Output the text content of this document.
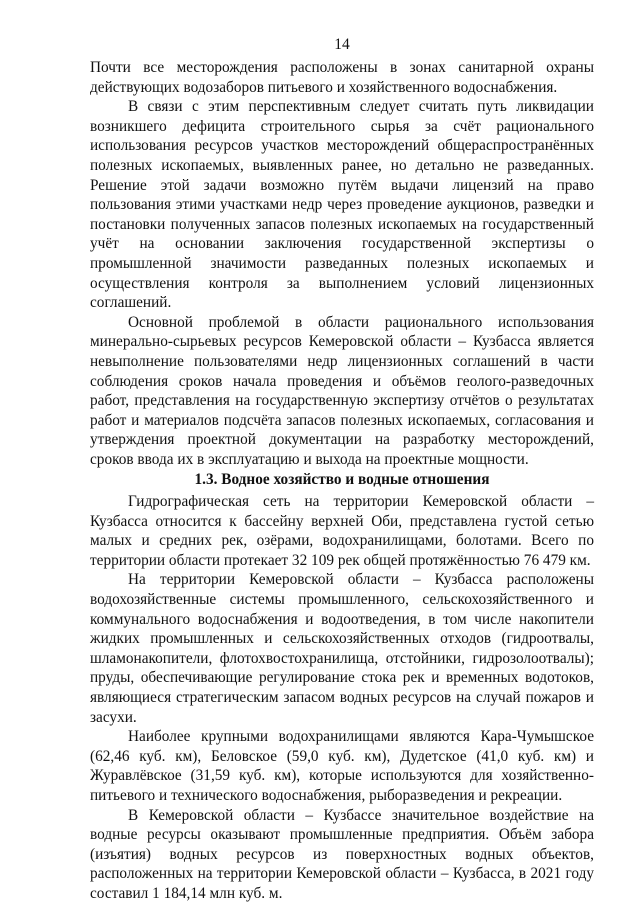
14

Почти все месторождения расположены в зонах санитарной охраны действующих водозаборов питьевого и хозяйственного водоснабжения.

В связи с этим перспективным следует считать путь ликвидации возникшего дефицита строительного сырья за счёт рационального использования ресурсов участков месторождений общераспространённых полезных ископаемых, выявленных ранее, но детально не разведанных. Решение этой задачи возможно путём выдачи лицензий на право пользования этими участками недр через проведение аукционов, разведки и постановки полученных запасов полезных ископаемых на государственный учёт на основании заключения государственной экспертизы о промышленной значимости разведанных полезных ископаемых и осуществления контроля за выполнением условий лицензионных соглашений.

Основной проблемой в области рационального использования минерально-сырьевых ресурсов Кемеровской области – Кузбасса является невыполнение пользователями недр лицензионных соглашений в части соблюдения сроков начала проведения и объёмов геолого-разведочных работ, представления на государственную экспертизу отчётов о результатах работ и материалов подсчёта запасов полезных ископаемых, согласования и утверждения проектной документации на разработку месторождений, сроков ввода их в эксплуатацию и выхода на проектные мощности.

1.3. Водное хозяйство и водные отношения

Гидрографическая сеть на территории Кемеровской области – Кузбасса относится к бассейну верхней Оби, представлена густой сетью малых и средних рек, озёрами, водохранилищами, болотами. Всего по территории области протекает 32 109 рек общей протяжённостью 76 479 км.

На территории Кемеровской области – Кузбасса расположены водохозяйственные системы промышленного, сельскохозяйственного и коммунального водоснабжения и водоотведения, в том числе накопители жидких промышленных и сельскохозяйственных отходов (гидроотвалы, шламонакопители, флотохвостохранилища, отстойники, гидрозолоотвалы); пруды, обеспечивающие регулирование стока рек и временных водотоков, являющиеся стратегическим запасом водных ресурсов на случай пожаров и засухи.

Наиболее крупными водохранилищами являются Кара-Чумышское (62,46 куб. км), Беловское (59,0 куб. км), Дудетское (41,0 куб. км) и Журавлёвское (31,59 куб. км), которые используются для хозяйственно-питьевого и технического водоснабжения, рыборазведения и рекреации.

В Кемеровской области – Кузбассе значительное воздействие на водные ресурсы оказывают промышленные предприятия. Объём забора (изъятия) водных ресурсов из поверхностных водных объектов, расположенных на территории Кемеровской области – Кузбасса, в 2021 году составил 1 184,14 млн куб. м.
